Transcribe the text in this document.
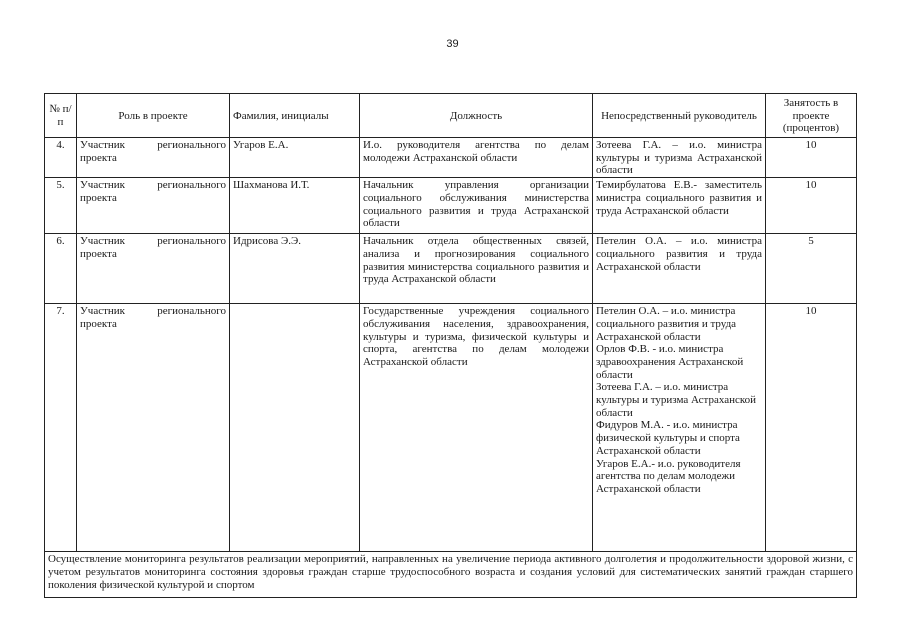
39
№ п/п	Роль в проекте	Фамилия, инициалы	Должность	Непосредственный руководитель	Занятость в проекте (процентов)
4.	Участник регионального проекта	Угаров Е.А.	И.о. руководителя агентства по делам молодежи Астраханской области	Зотеева Г.А. – и.о. министра культуры и туризма Астраханской области	10
5.	Участник регионального проекта	Шахманова И.Т.	Начальник управления организации социального обслуживания министерства социального развития и труда Астраханской области	Темирбулатова Е.В.- заместитель министра социального развития и труда Астраханской области	10
6.	Участник регионального проекта	Идрисова Э.Э.	Начальник отдела общественных связей, анализа и прогнозирования социального развития министерства социального развития и труда Астраханской области	Петелин О.А. – и.о. министра социального развития и труда Астраханской области	5
7.	Участник регионального проекта		Государственные учреждения социального обслуживания населения, здравоохранения, культуры и туризма, физической культуры и спорта, агентства по делам молодежи Астраханской области	Петелин О.А. – и.о. министра социального развития и труда Астраханской области
Орлов Ф.В. - и.о. министра здравоохранения Астраханской области
Зотеева Г.А. – и.о. министра культуры и туризма Астраханской области
Фидуров М.А. - и.о. министра физической культуры и спорта Астраханской области
Угаров Е.А.- и.о. руководителя агентства по делам молодежи Астраханской области	10
Осуществление мониторинга результатов реализации мероприятий, направленных на увеличение периода активного долголетия и продолжительности здоровой жизни, с учетом результатов мониторинга состояния здоровья граждан старше трудоспособного возраста и создания условий для систематических занятий граждан старшего поколения физической культурой и спортом					
